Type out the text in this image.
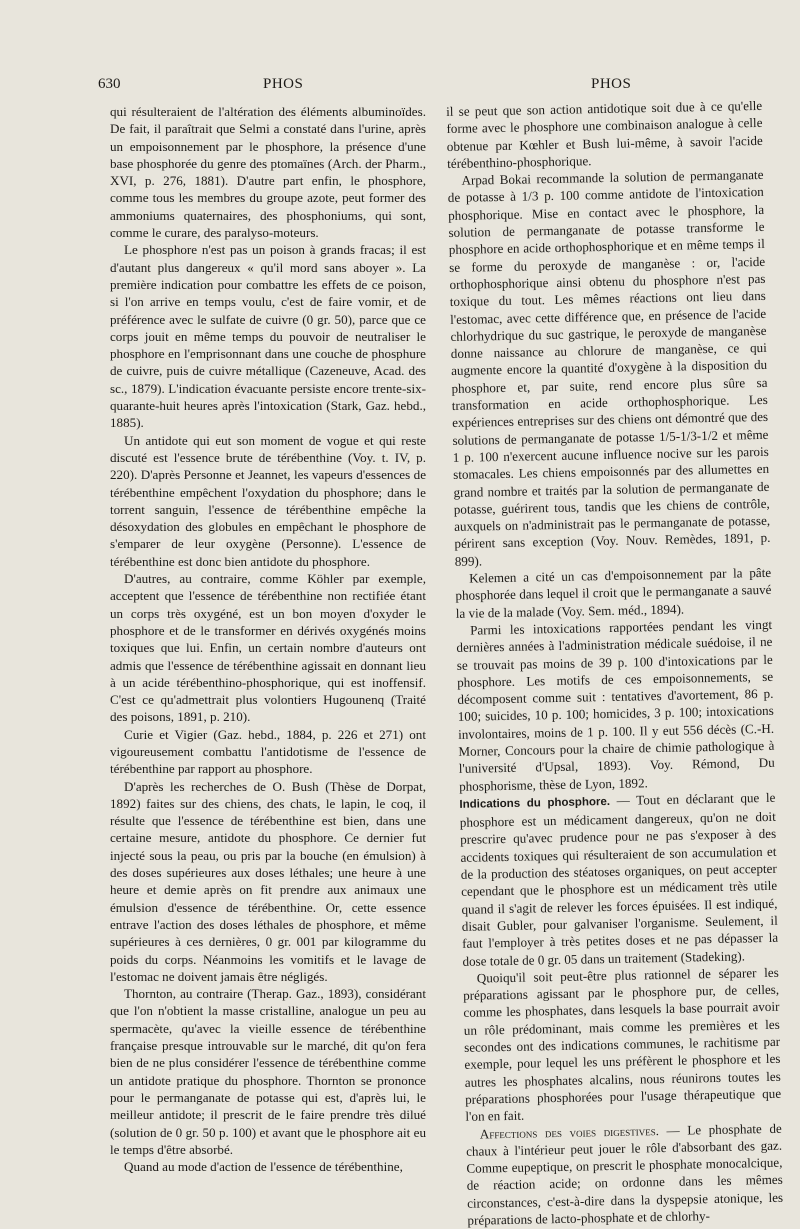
630	PHOS	PHOS

qui résulteraient de l'altération des éléments albuminoïdes. De fait, il paraîtrait que Selmi a constaté dans l'urine, après un empoisonnement par le phosphore, la présence d'une base phosphorée du genre des ptomaïnes (Arch. der Pharm., XVI, p. 276, 1881). D'autre part enfin, le phosphore, comme tous les membres du groupe azote, peut former des ammoniums quaternaires, des phosphoniums, qui sont, comme le curare, des paralyso-moteurs.

Le phosphore n'est pas un poison à grands fracas; il est d'autant plus dangereux « qu'il mord sans aboyer ». La première indication pour combattre les effets de ce poison, si l'on arrive en temps voulu, c'est de faire vomir, et de préférence avec le sulfate de cuivre (0 gr. 50), parce que ce corps jouit en même temps du pouvoir de neutraliser le phosphore en l'emprisonnant dans une couche de phosphure de cuivre, puis de cuivre métallique (Cazeneuve, Acad. des sc., 1879). L'indication évacuante persiste encore trente-six-quarante-huit heures après l'intoxication (Stark, Gaz. hebd., 1885).

Un antidote qui eut son moment de vogue et qui reste discuté est l'essence brute de térébenthine (Voy. t. IV, p. 220). D'après Personne et Jeannet, les vapeurs d'essences de térébenthine empêchent l'oxydation du phosphore; dans le torrent sanguin, l'essence de térébenthine empêche la désoxydation des globules en empêchant le phosphore de s'emparer de leur oxygène (Personne). L'essence de térébenthine est donc bien antidote du phosphore.

D'autres, au contraire, comme Köhler par exemple, acceptent que l'essence de térébenthine non rectifiée étant un corps très oxygéné, est un bon moyen d'oxyder le phosphore et de le transformer en dérivés oxygénés moins toxiques que lui. Enfin, un certain nombre d'auteurs ont admis que l'essence de térébenthine agissait en donnant lieu à un acide térébenthino-phosphorique, qui est inoffensif. C'est ce qu'admettrait plus volontiers Hugounenq (Traité des poisons, 1891, p. 210).

Curie et Vigier (Gaz. hebd., 1884, p. 226 et 271) ont vigoureusement combattu l'antidotisme de l'essence de térébenthine par rapport au phosphore.

D'après les recherches de O. Bush (Thèse de Dorpat, 1892) faites sur des chiens, des chats, le lapin, le coq, il résulte que l'essence de térébenthine est bien, dans une certaine mesure, antidote du phosphore. Ce dernier fut injecté sous la peau, ou pris par la bouche (en émulsion) à des doses supérieures aux doses léthales; une heure à une heure et demie après on fit prendre aux animaux une émulsion d'essence de térébenthine. Or, cette essence entrave l'action des doses léthales de phosphore, et même supérieures à ces dernières, 0 gr. 001 par kilogramme du poids du corps. Néanmoins les vomitifs et le lavage de l'estomac ne doivent jamais être négligés.

Thornton, au contraire (Therap. Gaz., 1893), considérant que l'on n'obtient la masse cristalline, analogue un peu au spermacète, qu'avec la vieille essence de térébenthine française presque introuvable sur le marché, dit qu'on fera bien de ne plus considérer l'essence de térébenthine comme un antidote pratique du phosphore. Thornton se prononce pour le permanganate de potasse qui est, d'après lui, le meilleur antidote; il prescrit de le faire prendre très dilué (solution de 0 gr. 50 p. 100) et avant que le phosphore ait eu le temps d'être absorbé.

Quand au mode d'action de l'essence de térébenthine,

il se peut que son action antidotique soit due à ce qu'elle forme avec le phosphore une combinaison analogue à celle obtenue par Kœhler et Bush lui-même, à savoir l'acide térébenthino-phosphorique.

Arpad Bokai recommande la solution de permanganate de potasse à 1/3 p. 100 comme antidote de l'intoxication phosphorique. Mise en contact avec le phosphore, la solution de permanganate de potasse transforme le phosphore en acide orthophosphorique et en même temps il se forme du peroxyde de manganèse : or, l'acide orthophosphorique ainsi obtenu du phosphore n'est pas toxique du tout. Les mêmes réactions ont lieu dans l'estomac, avec cette différence que, en présence de l'acide chlorhydrique du suc gastrique, le peroxyde de manganèse donne naissance au chlorure de manganèse, ce qui augmente encore la quantité d'oxygène à la disposition du phosphore et, par suite, rend encore plus sûre sa transformation en acide orthophosphorique. Les expériences entreprises sur des chiens ont démontré que des solutions de permanganate de potasse 1/5-1/3-1/2 et même 1 p. 100 n'exercent aucune influence nocive sur les parois stomacales. Les chiens empoisonnés par des allumettes en grand nombre et traités par la solution de permanganate de potasse, guérirent tous, tandis que les chiens de contrôle, auxquels on n'administrait pas le permanganate de potasse, périrent sans exception (Voy. Nouv. Remèdes, 1891, p. 899).

Kelemen a cité un cas d'empoisonnement par la pâte phosphorée dans lequel il croit que le permanganate a sauvé la vie de la malade (Voy. Sem. méd., 1894).

Parmi les intoxications rapportées pendant les vingt dernières années à l'administration médicale suédoise, il ne se trouvait pas moins de 39 p. 100 d'intoxications par le phosphore. Les motifs de ces empoisonnements, se décomposent comme suit : tentatives d'avortement, 86 p. 100; suicides, 10 p. 100; homicides, 3 p. 100; intoxications involontaires, moins de 1 p. 100. Il y eut 556 décès (C.-H. Morner, Concours pour la chaire de chimie pathologique à l'université d'Upsal, 1893). Voy. Rémond, Du phosphorisme, thèse de Lyon, 1892.

Indications du phosphore. — Tout en déclarant que le phosphore est un médicament dangereux, qu'on ne doit prescrire qu'avec prudence pour ne pas s'exposer à des accidents toxiques qui résulteraient de son accumulation et de la production des stéatoses organiques, on peut accepter cependant que le phosphore est un médicament très utile quand il s'agit de relever les forces épuisées. Il est indiqué, disait Gubler, pour galvaniser l'organisme. Seulement, il faut l'employer à très petites doses et ne pas dépasser la dose totale de 0 gr. 05 dans un traitement (Stadeking).

Quoiqu'il soit peut-être plus rationnel de séparer les préparations agissant par le phosphore pur, de celles, comme les phosphates, dans lesquels la base pourrait avoir un rôle prédominant, mais comme les premières et les secondes ont des indications communes, le rachitisme par exemple, pour lequel les uns préfèrent le phosphore et les autres les phosphates alcalins, nous réunirons toutes les préparations phosphorées pour l'usage thérapeutique que l'on en fait.

Affections des voies digestives. — Le phosphate de chaux à l'intérieur peut jouer le rôle d'absorbant des gaz. Comme eupeptique, on prescrit le phosphate monocalcique, de réaction acide; on ordonne dans les mêmes circonstances, c'est-à-dire dans la dyspepsie atonique, les préparations de lacto-phosphate et de chlorhy-
